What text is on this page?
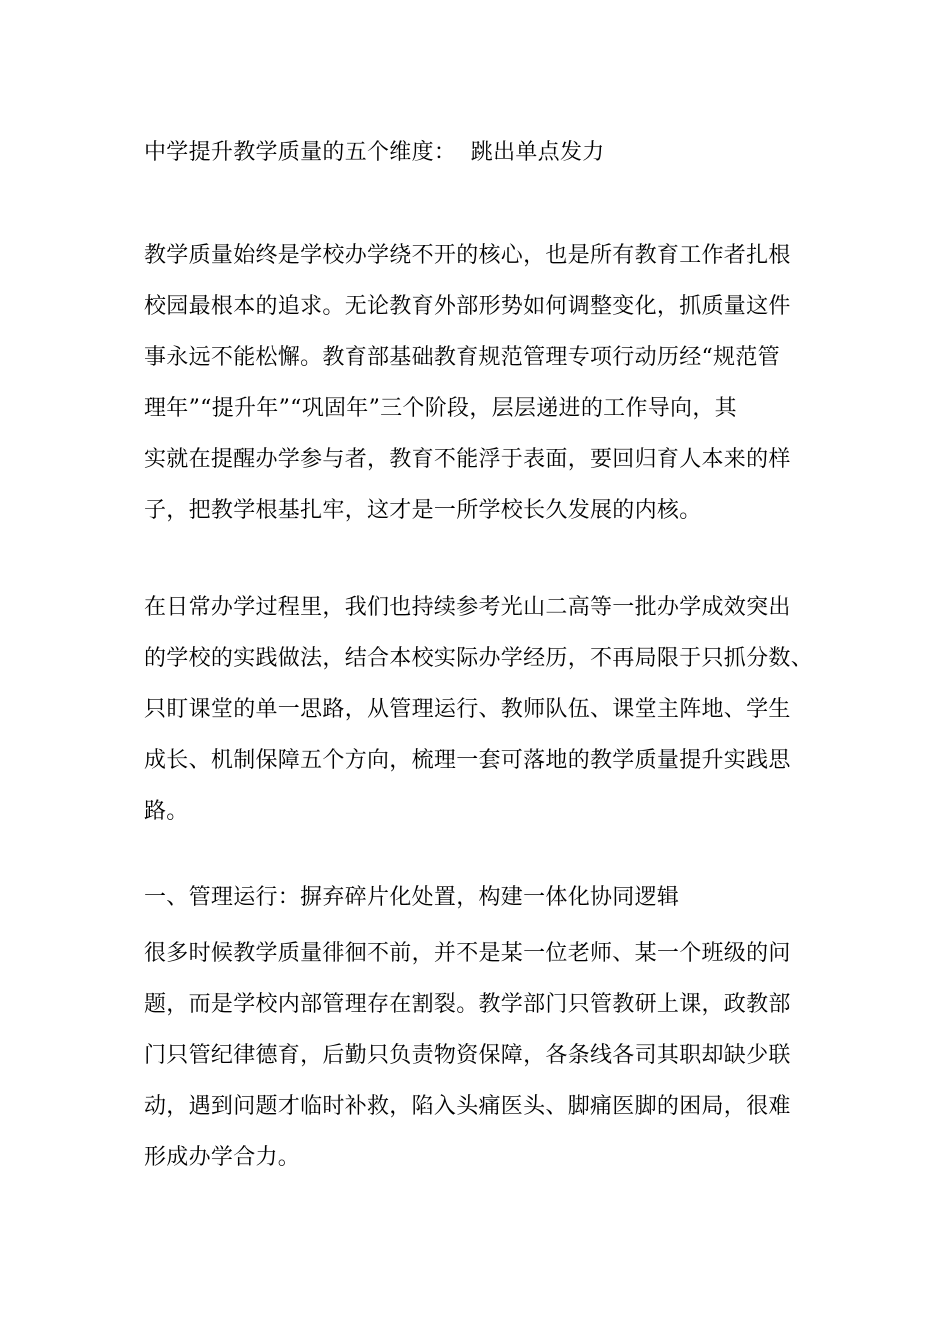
中学提升教学质量的五个维度：  跳出单点发力

教学质量始终是学校办学绕不开的核心，也是所有教育工作者扎根
校园最根本的追求。无论教育外部形势如何调整变化，抓质量这件
事永远不能松懈。教育部基础教育规范管理专项行动历经“规范管
理年”“提升年”“巩固年”三个阶段，层层递进的工作导向，其
实就在提醒办学参与者，教育不能浮于表面，要回归育人本来的样
子，把教学根基扎牢，这才是一所学校长久发展的内核。

在日常办学过程里，我们也持续参考光山二高等一批办学成效突出
的学校的实践做法，结合本校实际办学经历，不再局限于只抓分数、
只盯课堂的单一思路，从管理运行、教师队伍、课堂主阵地、学生
成长、机制保障五个方向，梳理一套可落地的教学质量提升实践思
路。

一、管理运行：摒弃碎片化处置，构建一体化协同逻辑

很多时候教学质量徘徊不前，并不是某一位老师、某一个班级的问
题，而是学校内部管理存在割裂。教学部门只管教研上课，政教部
门只管纪律德育，后勤只负责物资保障，各条线各司其职却缺少联
动，遇到问题才临时补救，陷入头痛医头、脚痛医脚的困局，很难
形成办学合力。
